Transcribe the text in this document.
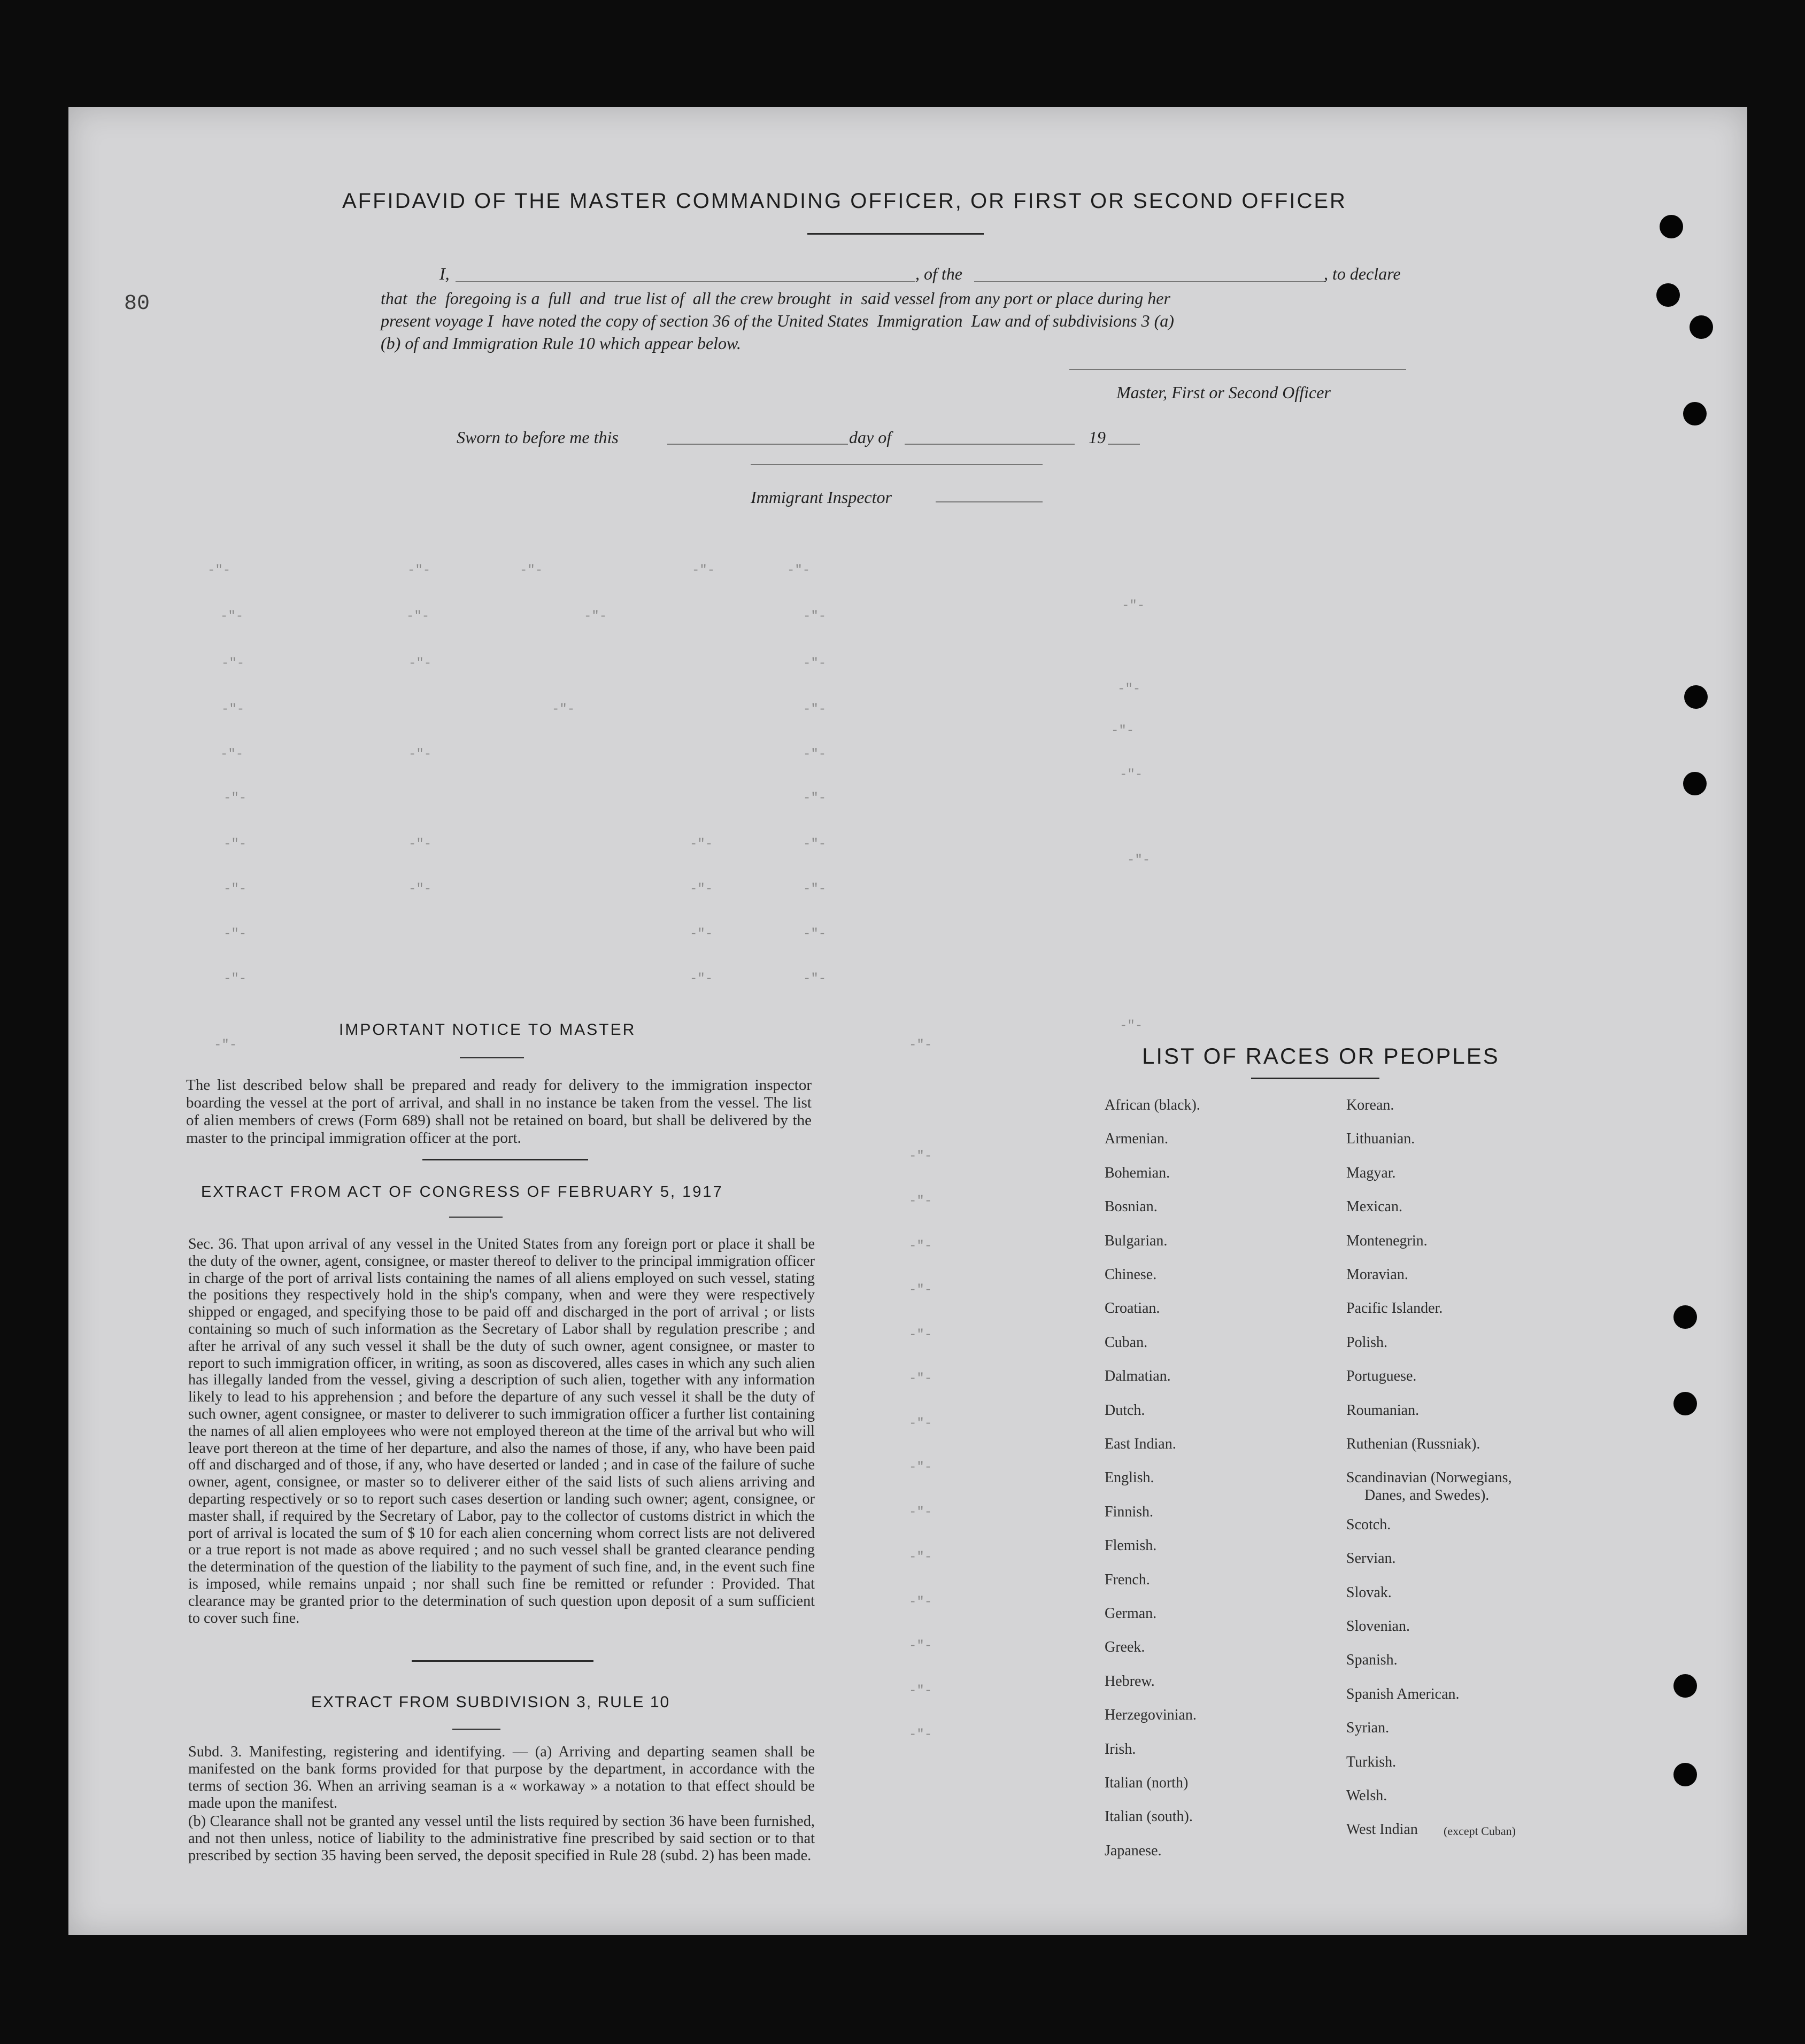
80
AFFIDAVID OF THE MASTER COMMANDING OFFICER, OR FIRST OR SECOND OFFICER
I,	, of the	, to declare
that  the  foregoing is a  full  and  true list of  all the crew brought  in  said vessel from any port or place during her
present voyage I  have noted the copy of section 36 of the United States  Immigration  Law and of subdivisions 3 (a)
(b) of and Immigration Rule 10 which appear below.
Master, First or Second Officer
Sworn to before me this	day of	19
Immigrant Inspector
-"-	-"-	-"-	-"-	-"-
-"-
-"-	-"-	-"-	-"-
-"-	-"-	-"-
-"-
-"-	-"-	-"-
-"-
-"-	-"-	-"-
-"-
-"-	-"-
-"-	-"-	-"-	-"-
-"-
-"-	-"-	-"-	-"-
-"-	-"-	-"-
-"-	-"-	-"-
-"-
-"-	-"-
-"-
-"-
-"-
-"-
-"-
-"-
-"-
-"-
-"-
-"-
-"-
-"-
-"-
-"-
IMPORTANT NOTICE TO MASTER
The list described below shall be prepared and ready for delivery to the immigration inspector boarding the vessel at the port of arrival, and shall in no instance be taken from the vessel. The list of alien members of crews (Form 689) shall not be retained on board, but shall be delivered by the master to the principal immigration officer at the port.
EXTRACT FROM ACT OF CONGRESS OF FEBRUARY 5, 1917
Sec. 36. That upon arrival of any vessel in the United States from any foreign port or place it shall be the duty of the owner, agent, consignee, or master thereof to deliver to the principal immigration officer in charge of the port of arrival lists containing the names of all aliens employed on such vessel, stating the positions they respectively hold in the ship's company, when and were they were respectively shipped or engaged, and specifying those to be paid off and discharged in the port of arrival ; or lists containing so much of such information as the Secretary of Labor shall by regulation prescribe ; and after he arrival of any such vessel it shall be the duty of such owner, agent consignee, or master to report to such immigration officer, in writing, as soon as discovered, alles cases in which any such alien has illegally landed from the vessel, giving a description of such alien, together with any information likely to lead to his apprehension ; and before the departure of any such vessel it shall be the duty of such owner, agent consignee, or master to deliverer to such immigration officer a further list containing the names of all alien employees who were not employed thereon at the time of the arrival but who will leave port thereon at the time of her departure, and also the names of those, if any, who have been paid off and discharged and of those, if any, who have deserted or landed ; and in case of the failure of suche owner, agent, consignee, or master so to deliverer either of the said lists of such aliens arriving and departing respectively or so to report such cases desertion or landing such owner; agent, consignee, or master shall, if required by the Secretary of Labor, pay to the collector of customs district in which the port of arrival is located the sum of $ 10 for each alien concerning whom correct lists are not delivered or a true report is not made as above required ; and no such vessel shall be granted clearance pending the determination of the question of the liability to the payment of such fine, and, in the event such fine is imposed, while remains unpaid ; nor shall such fine be remitted or refunder : Provided. That clearance may be granted prior to the determination of such question upon deposit of a sum sufficient to cover such fine.
EXTRACT FROM SUBDIVISION 3, RULE 10
Subd. 3. Manifesting, registering and identifying. — (a) Arriving and departing seamen shall be manifested on the bank forms provided for that purpose by the department, in accordance with the terms of section 36. When an arriving seaman is a « workaway » a notation to that effect should be made upon the manifest.
(b) Clearance shall not be granted any vessel until the lists required by section 36 have been furnished, and not then unless, notice of liability to the administrative fine prescribed by said section or to that prescribed by section 35 having been served, the deposit specified in Rule 28 (subd. 2) has been made.
LIST OF RACES OR PEOPLES
African (black).
Armenian.
Bohemian.
Bosnian.
Bulgarian.
Chinese.
Croatian.
Cuban.
Dalmatian.
Dutch.
East Indian.
English.
Finnish.
Flemish.
French.
German.
Greek.
Hebrew.
Herzegovinian.
Irish.
Italian (north)
Italian (south).
Japanese.
Korean.
Lithuanian.
Magyar.
Mexican.
Montenegrin.
Moravian.
Pacific Islander.
Polish.
Portuguese.
Roumanian.
Ruthenian (Russniak).
Scandinavian (Norwegians,
Scotch.
Servian.
Slovak.
Slovenian.
Spanish.
Spanish American.
Syrian.
Turkish.
Welsh.
West Indian (except Cuban)
Danes, and Swedes).
